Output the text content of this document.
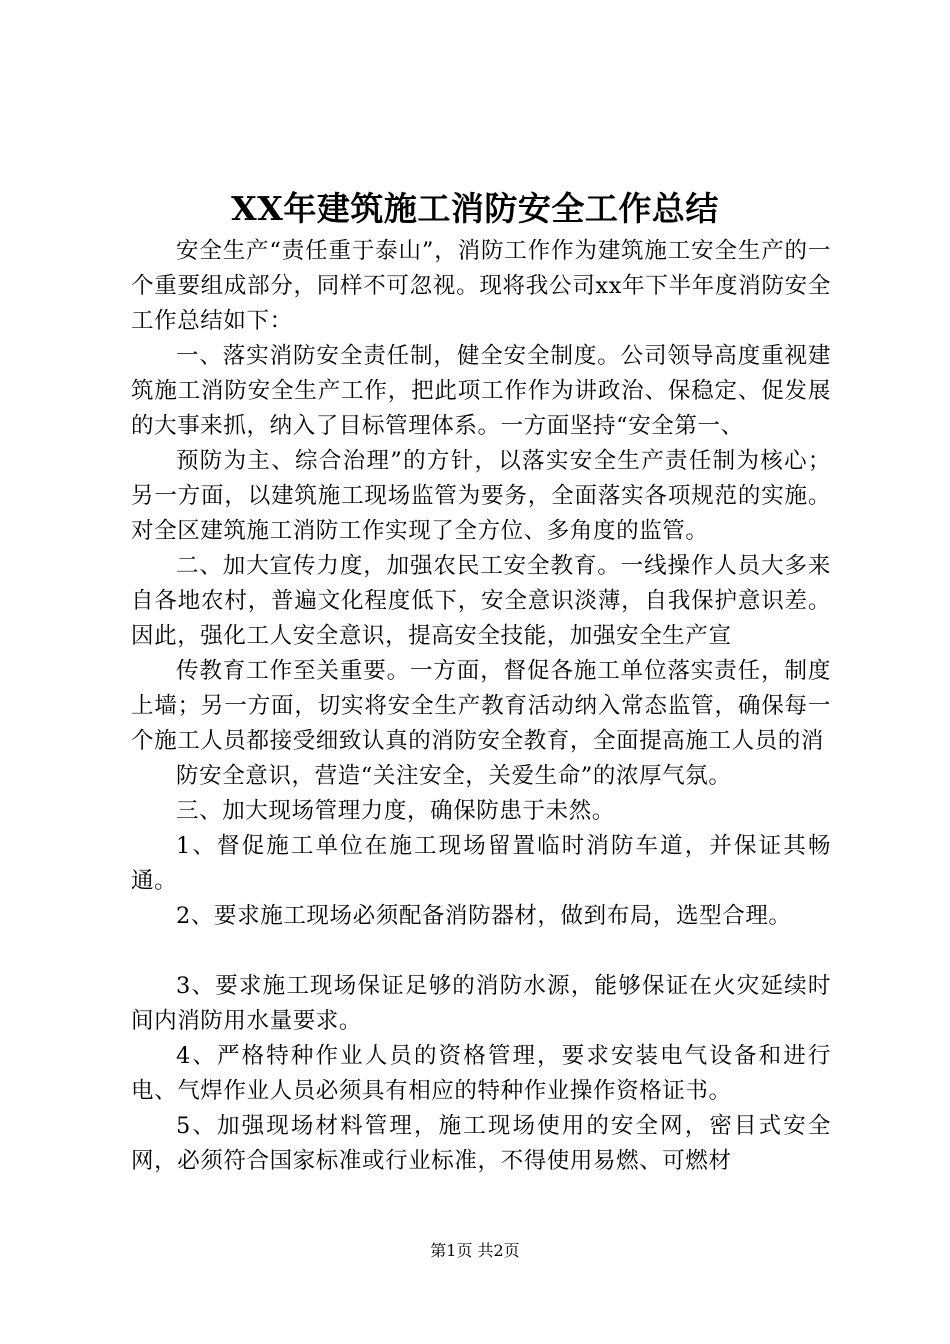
XX年建筑施工消防安全工作总结

安全生产“责任重于泰山”，消防工作作为建筑施工安全生产的一个重要组成部分，同样不可忽视。现将我公司xx年下半年度消防安全工作总结如下：

一、落实消防安全责任制，健全安全制度。公司领导高度重视建筑施工消防安全生产工作，把此项工作作为讲政治、保稳定、促发展的大事来抓，纳入了目标管理体系。一方面坚持“安全第一、

预防为主、综合治理”的方针，以落实安全生产责任制为核心；另一方面，以建筑施工现场监管为要务，全面落实各项规范的实施。对全区建筑施工消防工作实现了全方位、多角度的监管。

二、加大宣传力度，加强农民工安全教育。一线操作人员大多来自各地农村，普遍文化程度低下，安全意识淡薄，自我保护意识差。因此，强化工人安全意识，提高安全技能，加强安全生产宣

传教育工作至关重要。一方面，督促各施工单位落实责任，制度上墙；另一方面，切实将安全生产教育活动纳入常态监管，确保每一个施工人员都接受细致认真的消防安全教育，全面提高施工人员的消

防安全意识，营造“关注安全，关爱生命”的浓厚气氛。

三、加大现场管理力度，确保防患于未然。

1、督促施工单位在施工现场留置临时消防车道，并保证其畅通。

2、要求施工现场必须配备消防器材，做到布局，选型合理。

3、要求施工现场保证足够的消防水源，能够保证在火灾延续时间内消防用水量要求。

4、严格特种作业人员的资格管理，要求安装电气设备和进行电、气焊作业人员必须具有相应的特种作业操作资格证书。

5、加强现场材料管理，施工现场使用的安全网，密目式安全网，必须符合国家标准或行业标准，不得使用易燃、可燃材

第1页 共2页
